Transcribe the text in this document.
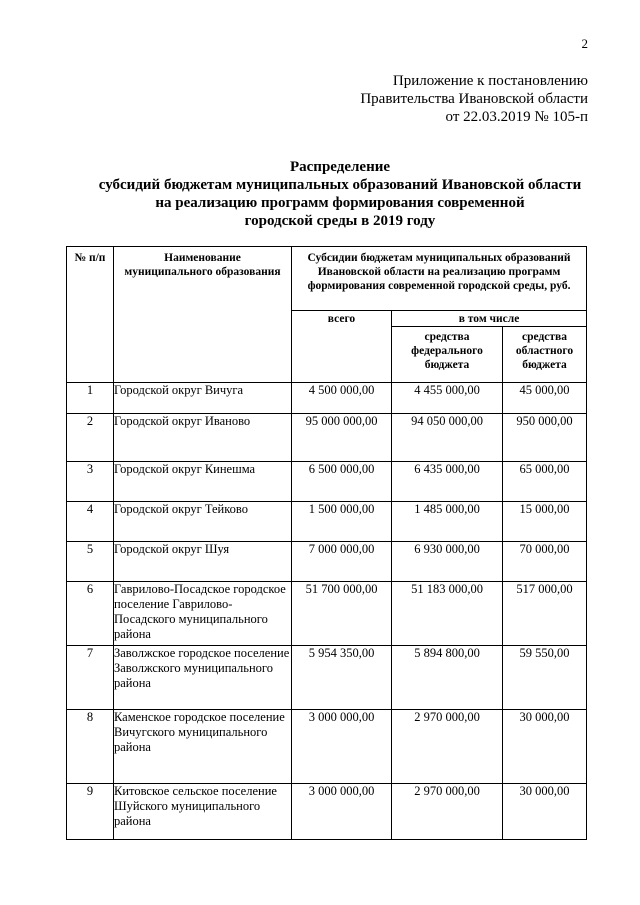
2
Приложение к постановлению
Правительства Ивановской области
от 22.03.2019 № 105-п
Распределение
субсидий бюджетам муниципальных образований Ивановской области
на реализацию программ формирования современной
городской среды в 2019 году
№ п/п	Наименование муниципального образования	Субсидии бюджетам муниципальных образований Ивановской области на реализацию программ формирования современной городской среды, руб.		
		всего	в том числе	
			средства федерального бюджета	средства областного бюджета
1	Городской округ Вичуга	4 500 000,00	4 455 000,00	45 000,00
2	Городской округ Иваново	95 000 000,00	94 050 000,00	950 000,00
3	Городской округ Кинешма	6 500 000,00	6 435 000,00	65 000,00
4	Городской округ Тейково	1 500 000,00	1 485 000,00	15 000,00
5	Городской округ Шуя	7 000 000,00	6 930 000,00	70 000,00
6	Гаврилово-Посадское городское поселение Гаврилово-Посадского муниципального района	51 700 000,00	51 183 000,00	517 000,00
7	Заволжское городское поселение Заволжского муниципального района	5 954 350,00	5 894 800,00	59 550,00
8	Каменское городское поселение Вичугского муниципального района	3 000 000,00	2 970 000,00	30 000,00
9	Китовское сельское поселение Шуйского муниципального района	3 000 000,00	2 970 000,00	30 000,00
